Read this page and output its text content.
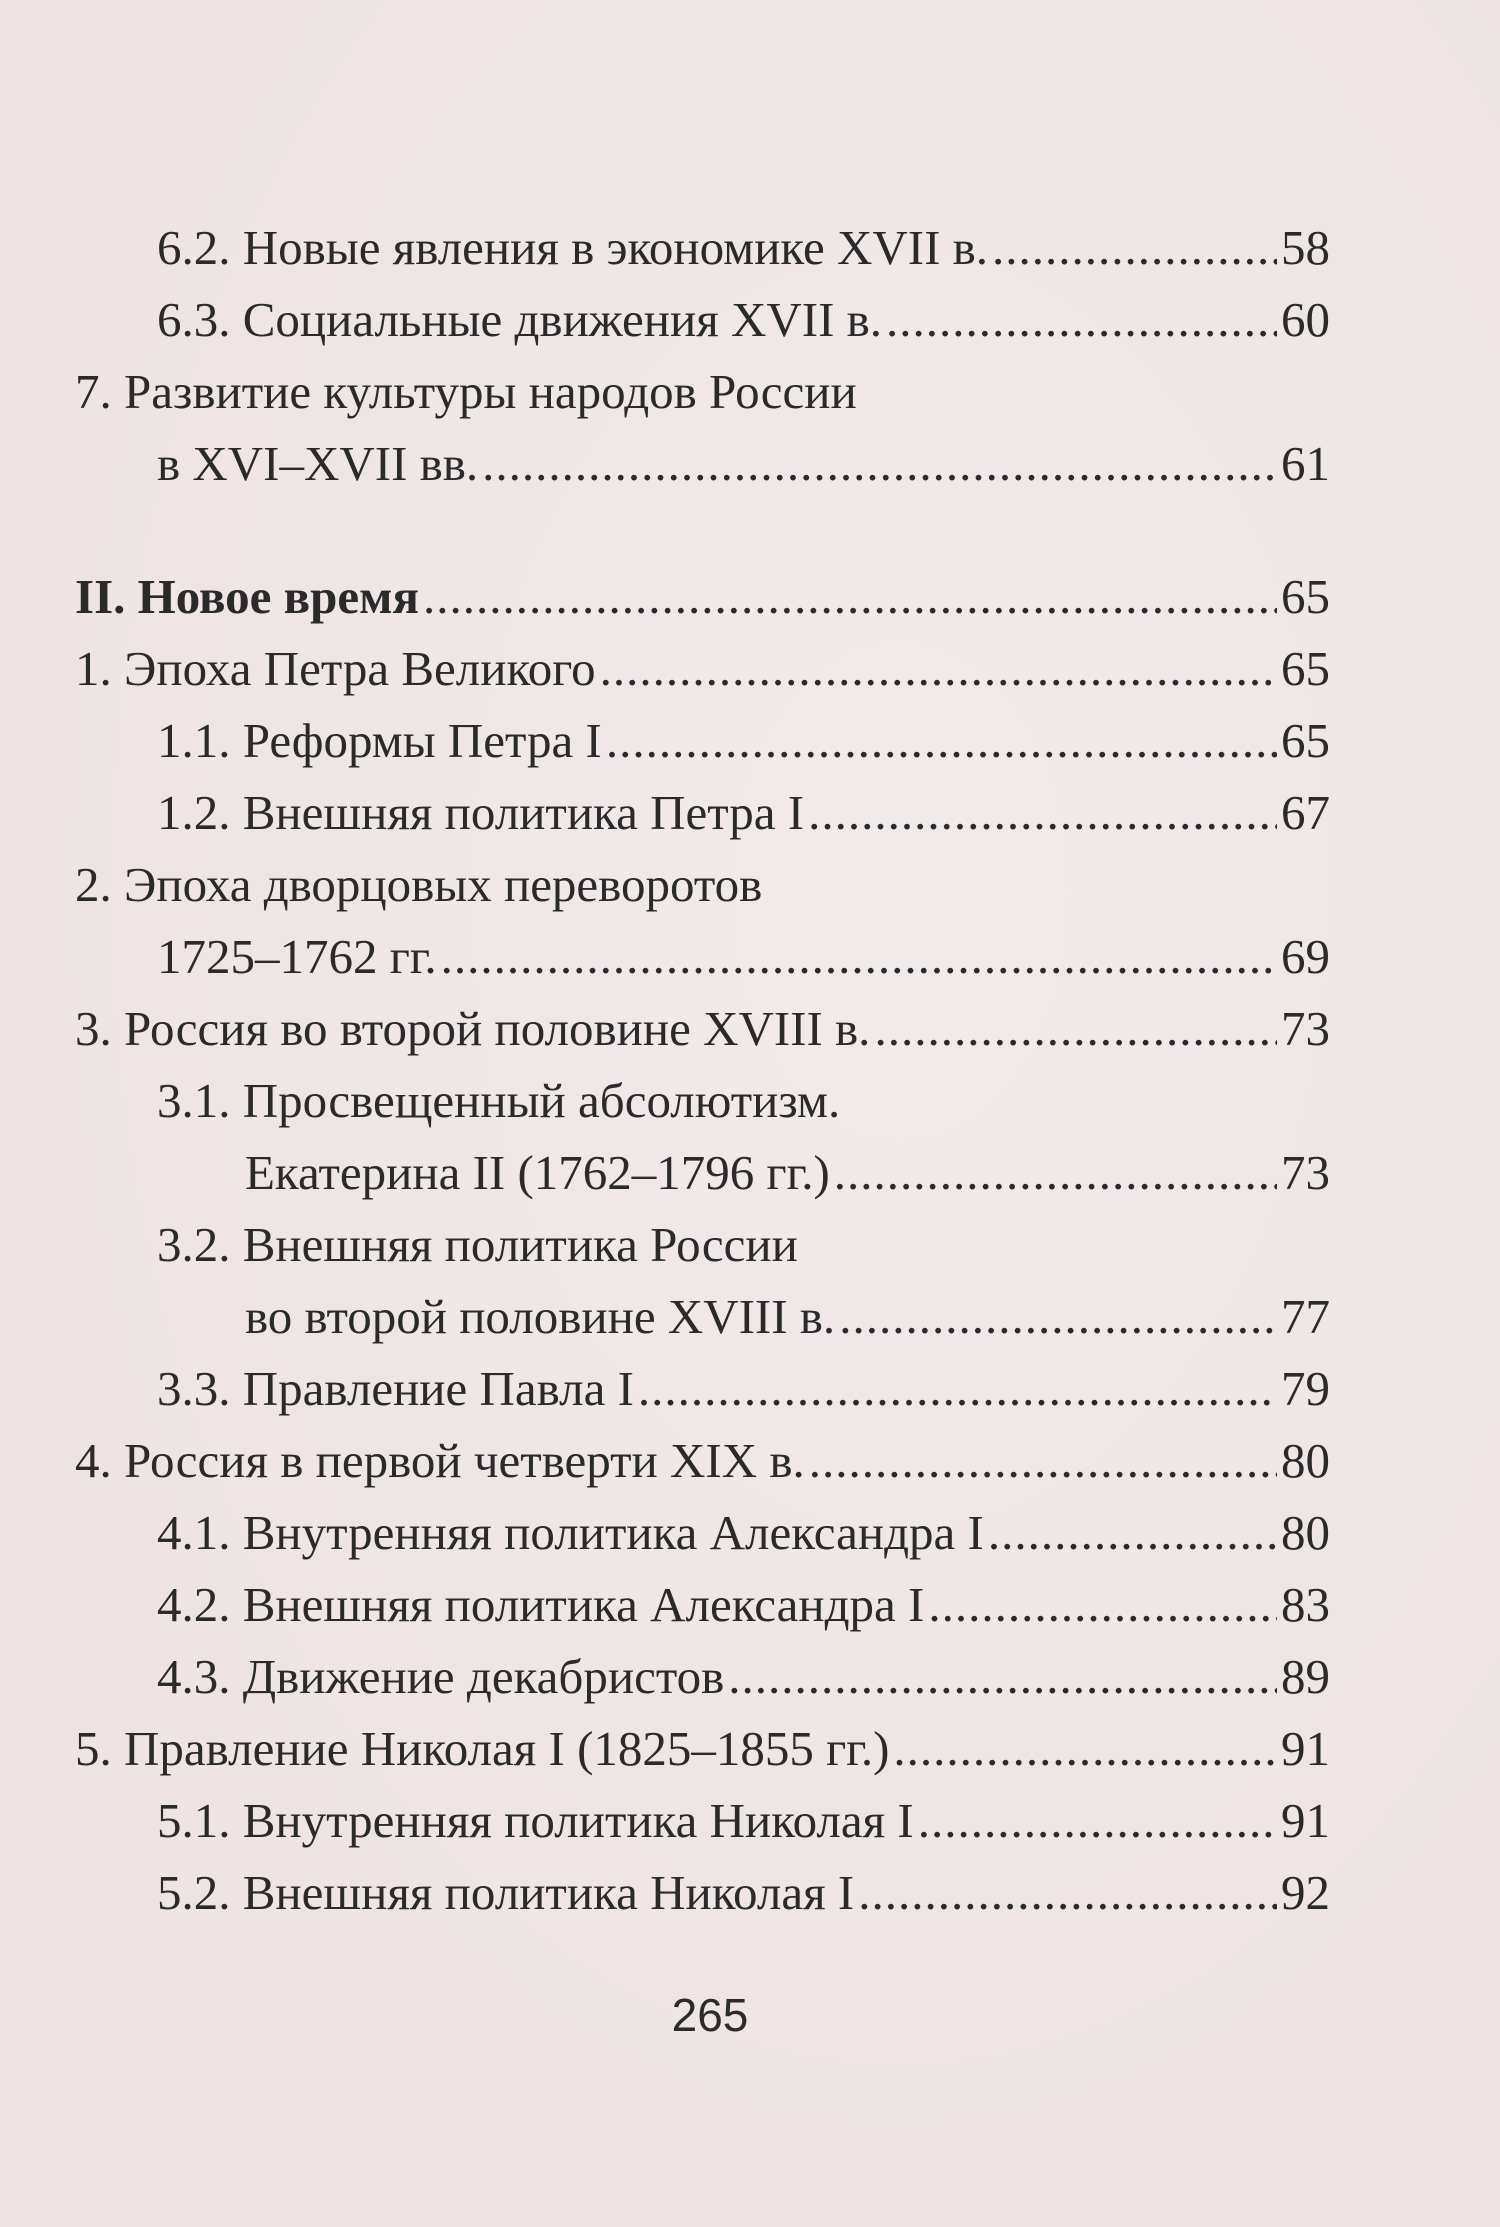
6.2. Новые явления в экономике XVII в. .....	58
6.3. Социальные движения XVII в. .....	60
7. Развитие культуры народов России
в XVI–XVII вв. .....	61
II. Новое время .....	65
1. Эпоха Петра Великого .....	65
1.1. Реформы Петра I .....	65
1.2. Внешняя политика Петра I .....	67
2. Эпоха дворцовых переворотов
1725–1762 гг. .....	69
3. Россия во второй половине XVIII в. .....	73
3.1. Просвещенный абсолютизм.
Екатерина II (1762–1796 гг.) .....	73
3.2. Внешняя политика России
во второй половине XVIII в. .....	77
3.3. Правление Павла I .....	79
4. Россия в первой четверти XIX в. .....	80
4.1. Внутренняя политика Александра I .....	80
4.2. Внешняя политика Александра I .....	83
4.3. Движение декабристов .....	89
5. Правление Николая I (1825–1855 гг.) .....	91
5.1. Внутренняя политика Николая I .....	91
5.2. Внешняя политика Николая I .....	92
265
